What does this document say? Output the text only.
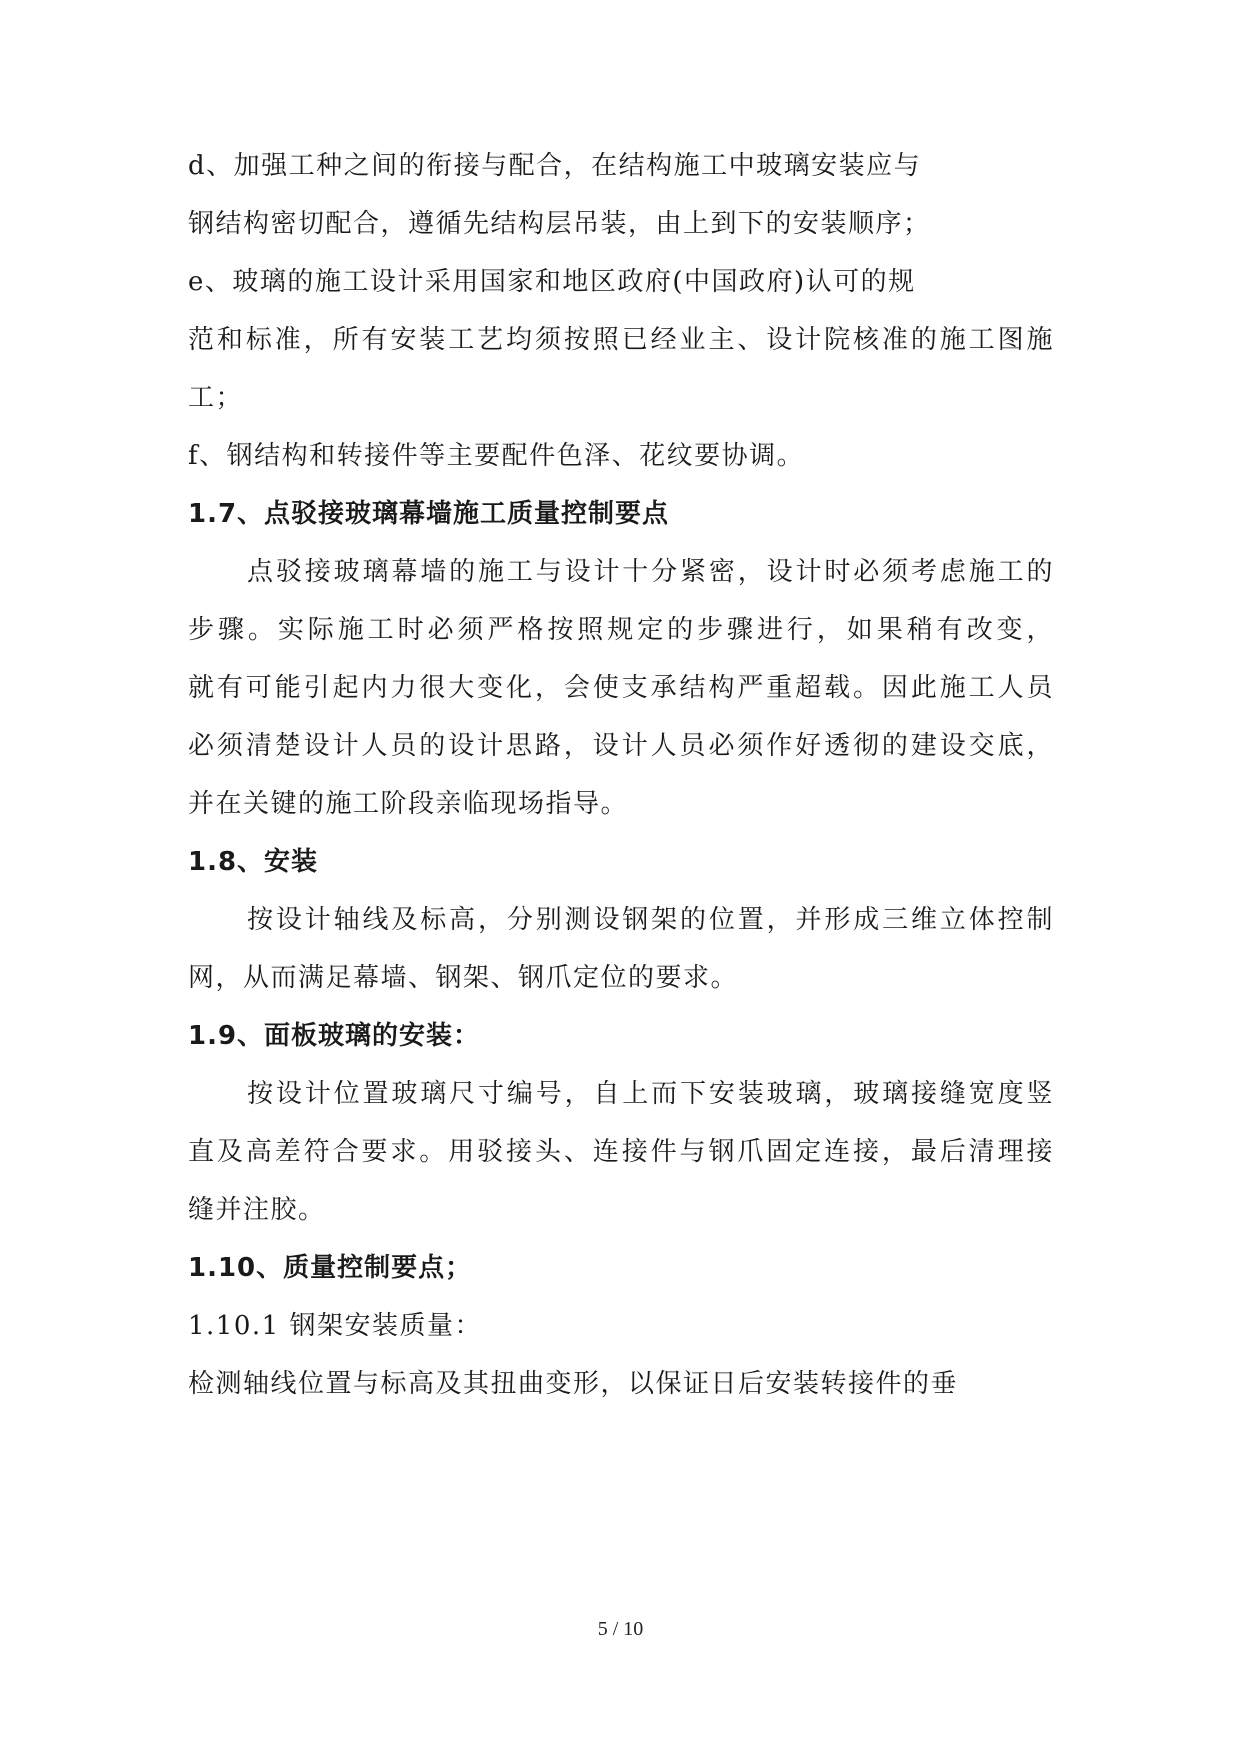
d、加强工种之间的衔接与配合，在结构施工中玻璃安装应与
钢结构密切配合，遵循先结构层吊装，由上到下的安装顺序；
e、玻璃的施工设计采用国家和地区政府(中国政府)认可的规
范和标准，所有安装工艺均须按照已经业主、设计院核准的施工图施
工；
f、钢结构和转接件等主要配件色泽、花纹要协调。
1.7、点驳接玻璃幕墙施工质量控制要点
点驳接玻璃幕墙的施工与设计十分紧密，设计时必须考虑施工的
步骤。实际施工时必须严格按照规定的步骤进行，如果稍有改变，
就有可能引起内力很大变化，会使支承结构严重超载。因此施工人员
必须清楚设计人员的设计思路，设计人员必须作好透彻的建设交底，
并在关键的施工阶段亲临现场指导。
1.8、安装
按设计轴线及标高，分别测设钢架的位置，并形成三维立体控制
网，从而满足幕墙、钢架、钢爪定位的要求。
1.9、面板玻璃的安装：
按设计位置玻璃尺寸编号，自上而下安装玻璃，玻璃接缝宽度竖
直及高差符合要求。用驳接头、连接件与钢爪固定连接，最后清理接
缝并注胶。
1.10、质量控制要点；
1.10.1 钢架安装质量：
检测轴线位置与标高及其扭曲变形，以保证日后安装转接件的垂
5 / 10
